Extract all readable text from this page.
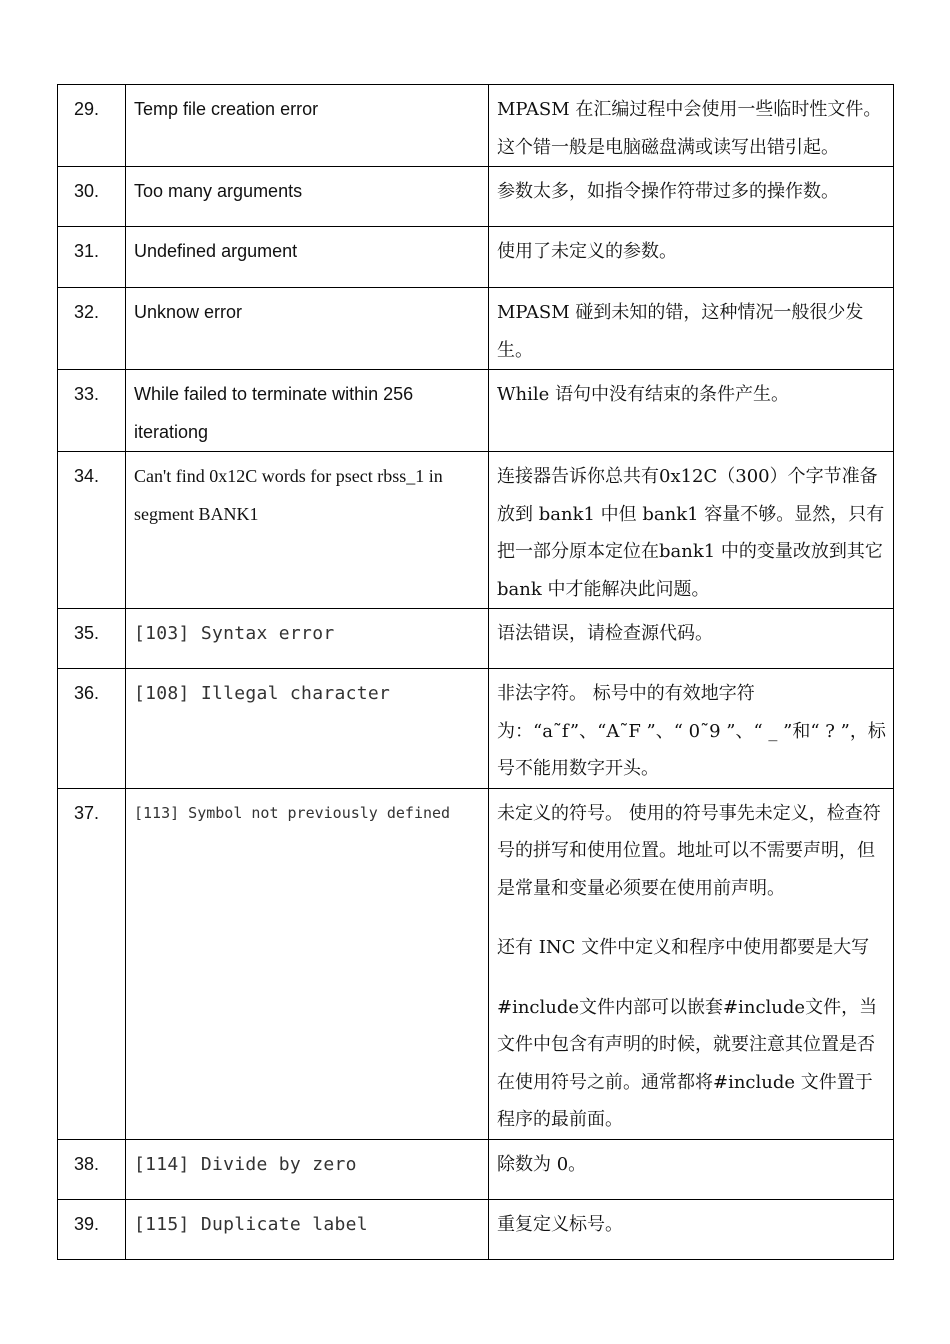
29.	Temp file creation error	MPASM 在汇编过程中会使用一些临时性文件。这个错一般是电脑磁盘满或读写出错引起。

30.	Too many arguments	参数太多，如指令操作符带过多的操作数。

31.	Undefined argument	使用了未定义的参数。

32.	Unknow error	MPASM 碰到未知的错，这种情况一般很少发生。

33.	While failed to terminate within 256 iterationg	While 语句中没有结束的条件产生。

34.	Can't find 0x12C words for psect rbss_1 in segment BANK1	连接器告诉你总共有0x12C（300）个字节准备放到 bank1 中但 bank1 容量不够。显然，只有把一部分原本定位在bank1 中的变量改放到其它 bank 中才能解决此问题。

35.	[103] Syntax error	语法错误，请检查源代码。

36.	[108] Illegal character	非法字符。 标号中的有效地字符为：“a˜f”、“A˜F ”、“ 0˜9 ”、“ _ ”和“ ? ”，标号不能用数字开头。

37.	[113] Symbol not previously defined	未定义的符号。 使用的符号事先未定义，检查符号的拼写和使用位置。地址可以不需要声明，但是常量和变量必须要在使用前声明。

还有 INC 文件中定义和程序中使用都要是大写

#include文件内部可以嵌套#include文件，当文件中包含有声明的时候，就要注意其位置是否在使用符号之前。通常都将#include 文件置于程序的最前面。

38.	[114] Divide by zero	除数为 0。

39.	[115] Duplicate label	重复定义标号。
